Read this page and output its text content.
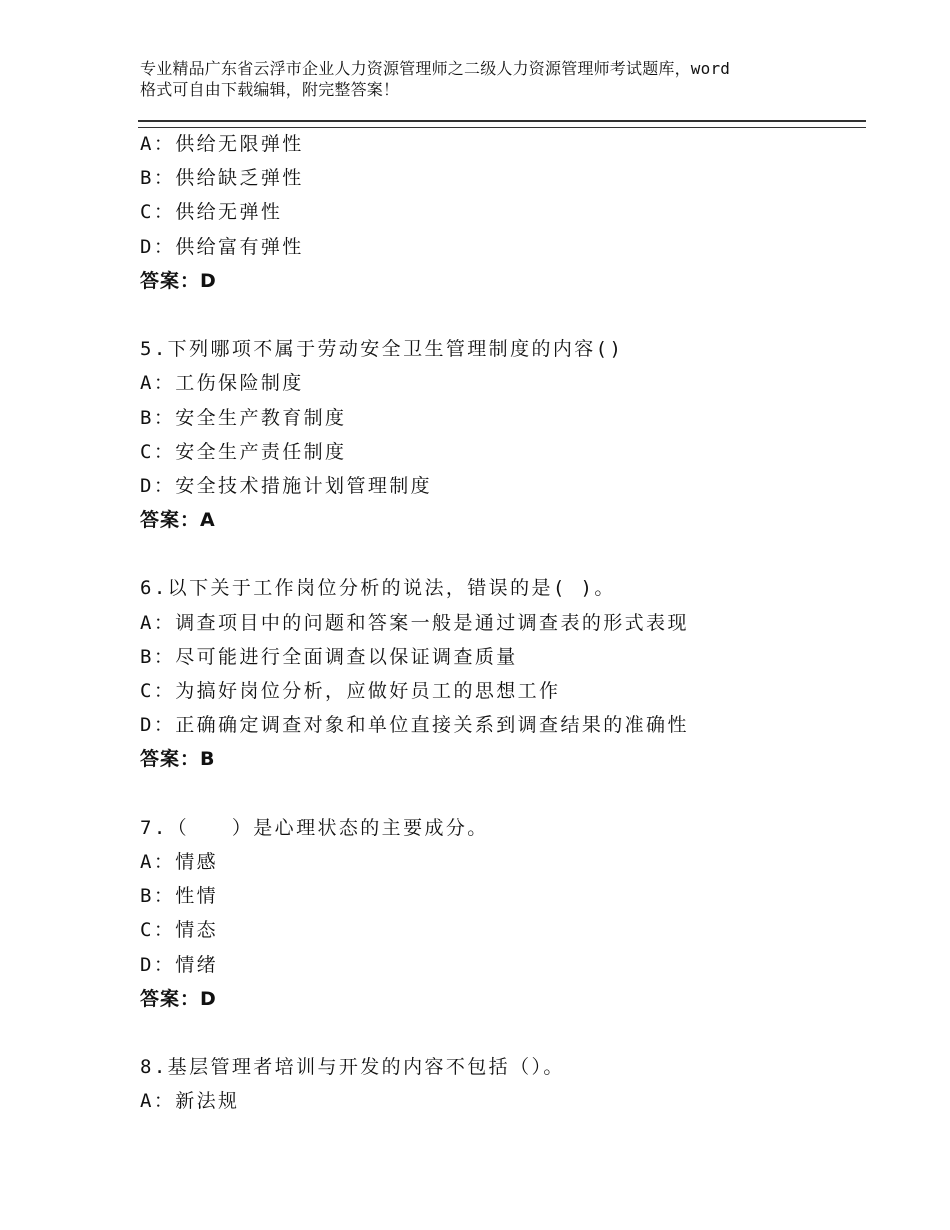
专业精品广东省云浮市企业人力资源管理师之二级人力资源管理师考试题库，word
格式可自由下载编辑，附完整答案！
A：供给无限弹性
B：供给缺乏弹性
C：供给无弹性
D：供给富有弹性
答案：D
5.下列哪项不属于劳动安全卫生管理制度的内容()
A：工伤保险制度
B：安全生产教育制度
C：安全生产责任制度
D：安全技术措施计划管理制度
答案：A
6.以下关于工作岗位分析的说法，错误的是( )。
A：调查项目中的问题和答案一般是通过调查表的形式表现
B：尽可能进行全面调查以保证调查质量
C：为搞好岗位分析，应做好员工的思想工作
D：正确确定调查对象和单位直接关系到调查结果的准确性
答案：B
7.（　　）是心理状态的主要成分。
A：情感
B：性情
C：情态
D：情绪
答案：D
8.基层管理者培训与开发的内容不包括（）。
A：新法规
